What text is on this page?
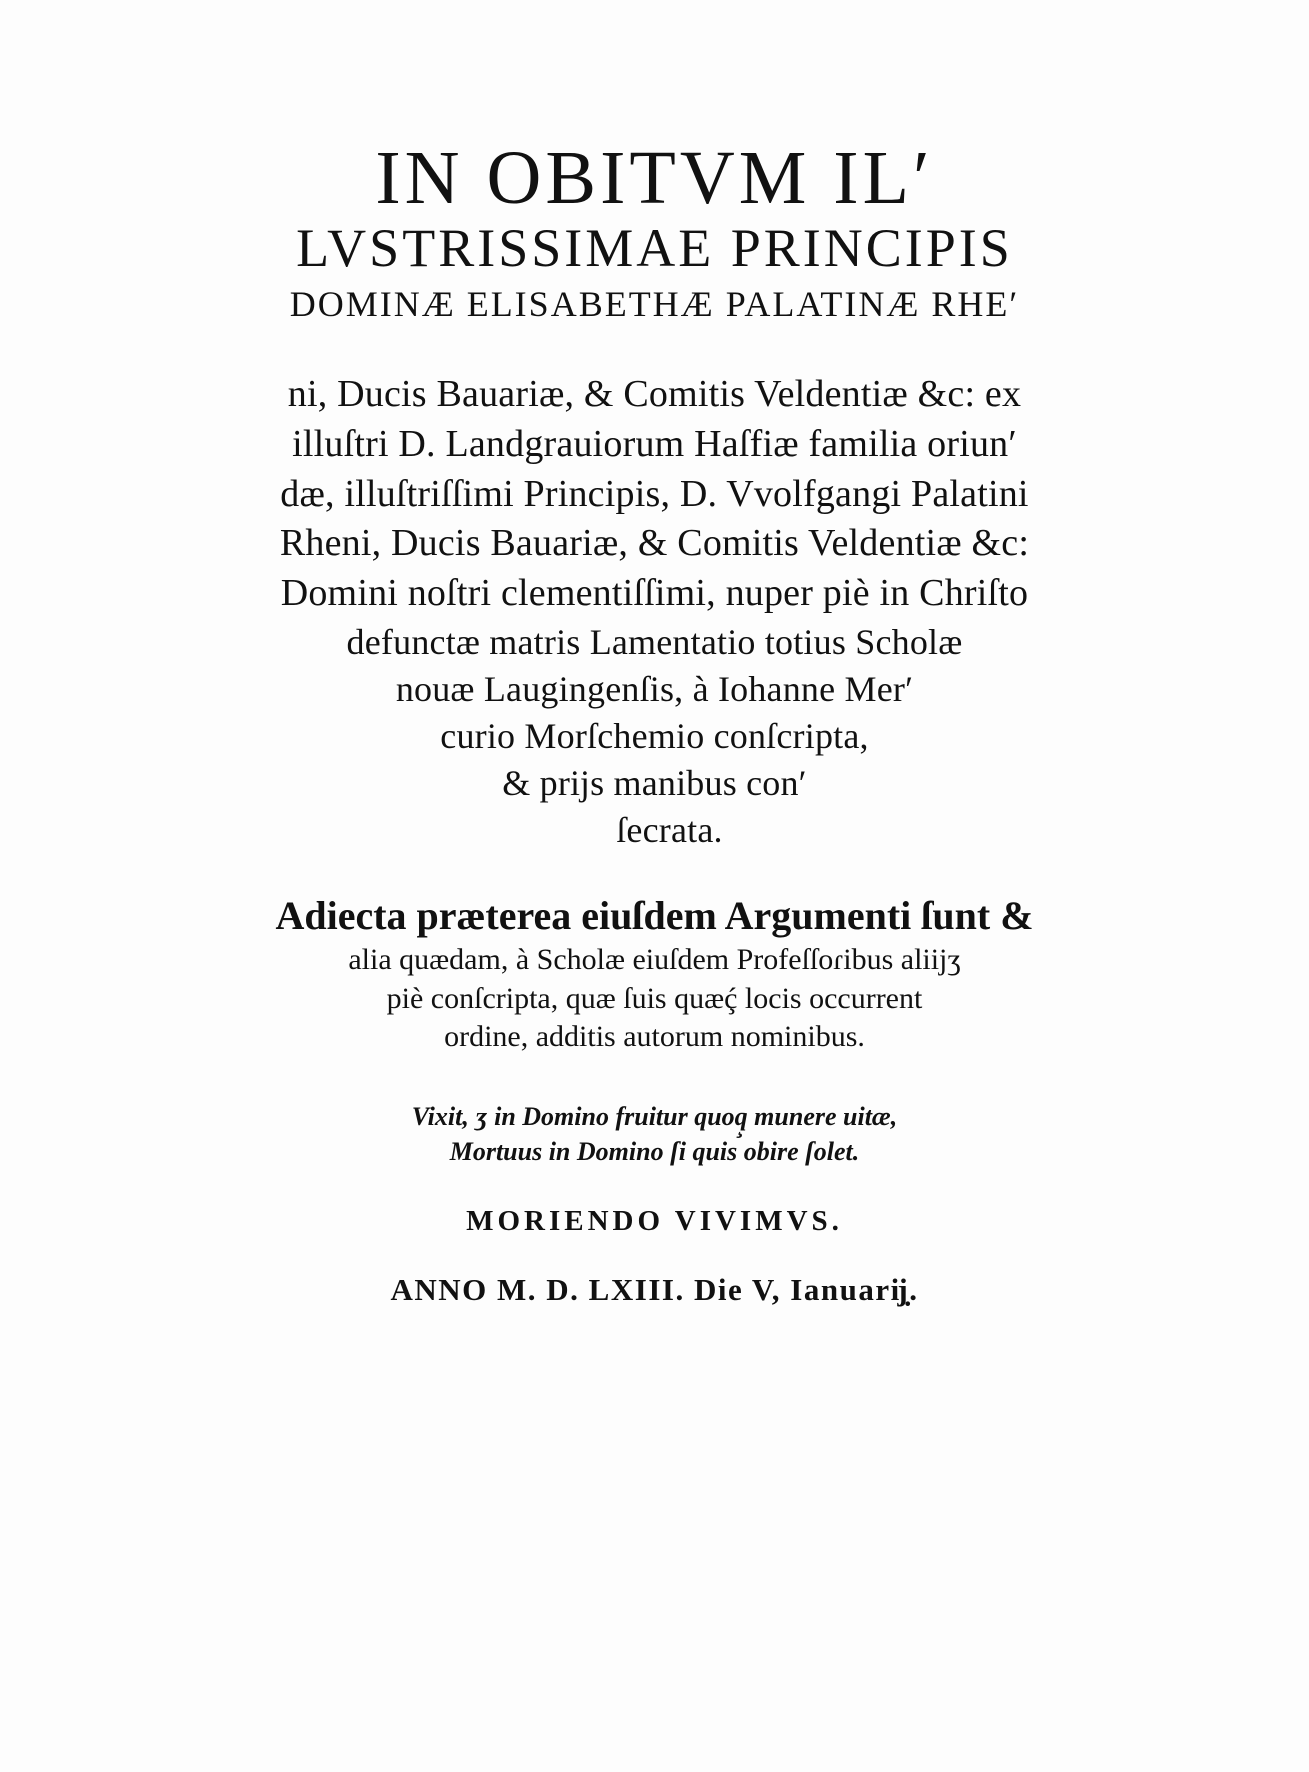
IN OBITVM ILʹ
LVSTRISSIMAE PRINCIPIS
DOMINÆ ELISABETHÆ PALATINÆ RHEʹ
ni, Ducis Bauariæ, & Comitis Veldentiæ &c: ex
illuſtri D. Landgrauiorum Haſfiæ familia oriunʹ
dæ, illuſtriſſimi Principis, D. Vvolfgangi Palatini
Rheni, Ducis Bauariæ, & Comitis Veldentiæ &c:
Domini noſtri clementiſſimi, nuper piè in Chriſto
defunctæ matris Lamentatio totius Scholæ
nouæ Laugingenſis, à Iohanne Merʹ
curio Morſchemio conſcripta,
& prĳs manibus conʹ
ſecrata.
Adiecta præterea eiuſdem Argumenti ſunt &
alia quædam, à Scholæ eiuſdem Profeſſoɾibus aliĳʒ
piè conſcripta, quæ ſuis quæḉ locis occurrent
ordine, additis autorum nominibus.
Vixit, ʒ in Domino fruitur quoq̧ munere uitæ,
Mortuus in Domino ſi quis obire ſolet.
MORIENDO VIVIMVS.
ANNO M. D. LXIII. Die V, Ianuarĳ̣.
